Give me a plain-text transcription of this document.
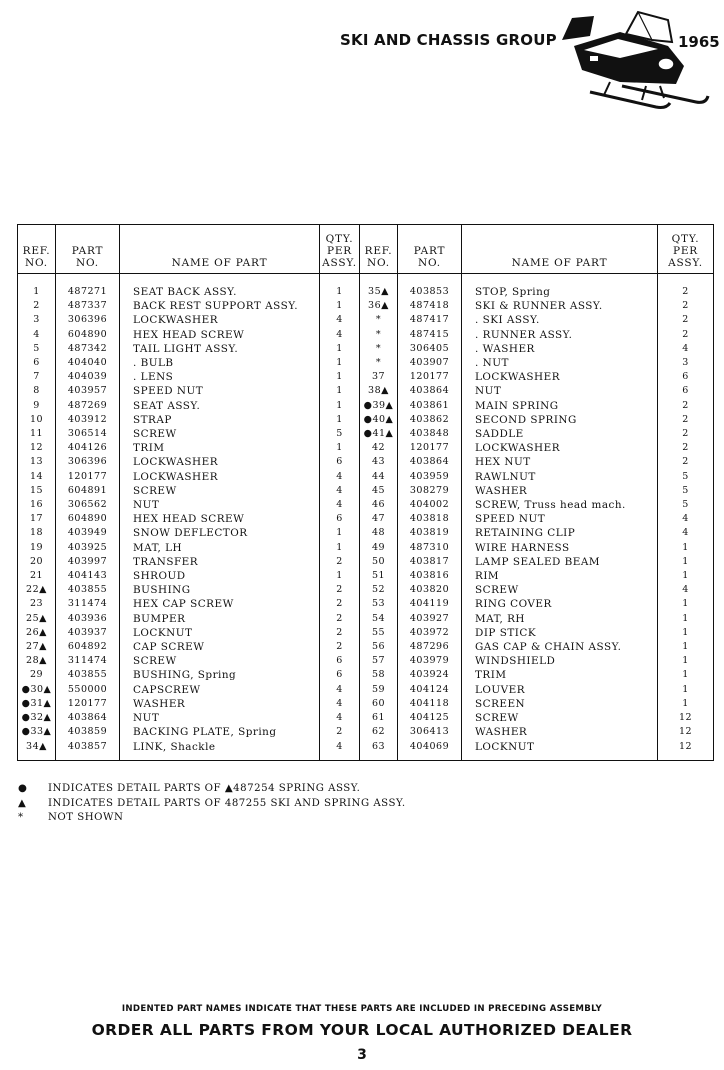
SKI AND CHASSIS GROUP	1965
REF.
NO.	PART
NO.	NAME OF PART	QTY.
PER
ASSY.	REF.
NO.	PART
NO.	NAME OF PART	QTY.
PER
ASSY.
1	487271	SEAT BACK ASSY.	1	35▲	403853	STOP, Spring	2
2	487337	BACK REST SUPPORT ASSY.	1	36▲	487418	SKI & RUNNER ASSY.	2
3	306396	LOCKWASHER	4	*	487417	. SKI ASSY.	2
4	604890	HEX HEAD SCREW	4	*	487415	. RUNNER ASSY.	2
5	487342	TAIL LIGHT ASSY.	1	*	306405	. WASHER	4
6	404040	. BULB	1	*	403907	. NUT	3
7	404039	. LENS	1	37	120177	LOCKWASHER	6
8	403957	SPEED NUT	1	38▲	403864	NUT	6
9	487269	SEAT ASSY.	1	●39▲	403861	MAIN SPRING	2
10	403912	STRAP	1	●40▲	403862	SECOND SPRING	2
11	306514	SCREW	5	●41▲	403848	SADDLE	2
12	404126	TRIM	1	42	120177	LOCKWASHER	2
13	306396	LOCKWASHER	6	43	403864	HEX NUT	2
14	120177	LOCKWASHER	4	44	403959	RAWLNUT	5
15	604891	SCREW	4	45	308279	WASHER	5
16	306562	NUT	4	46	404002	SCREW, Truss head mach.	5
17	604890	HEX HEAD SCREW	6	47	403818	SPEED NUT	4
18	403949	SNOW DEFLECTOR	1	48	403819	RETAINING CLIP	4
19	403925	MAT, LH	1	49	487310	WIRE HARNESS	1
20	403997	TRANSFER	2	50	403817	LAMP SEALED BEAM	1
21	404143	SHROUD	1	51	403816	RIM	1
22▲	403855	BUSHING	2	52	403820	SCREW	4
23	311474	HEX CAP SCREW	2	53	404119	RING COVER	1
25▲	403936	BUMPER	2	54	403927	MAT, RH	1
26▲	403937	LOCKNUT	2	55	403972	DIP STICK	1
27▲	604892	CAP SCREW	2	56	487296	GAS CAP & CHAIN ASSY.	1
28▲	311474	SCREW	6	57	403979	WINDSHIELD	1
29	403855	BUSHING, Spring	6	58	403924	TRIM	1
●30▲	550000	CAPSCREW	4	59	404124	LOUVER	1
●31▲	120177	WASHER	4	60	404118	SCREEN	1
●32▲	403864	NUT	4	61	404125	SCREW	12
●33▲	403859	BACKING PLATE, Spring	2	62	306413	WASHER	12
34▲	403857	LINK, Shackle	4	63	404069	LOCKNUT	12
●	INDICATES DETAIL PARTS OF ▲487254 SPRING ASSY.
▲	INDICATES DETAIL PARTS OF 487255 SKI AND SPRING ASSY.
*	NOT SHOWN
INDENTED PART NAMES INDICATE THAT THESE PARTS ARE INCLUDED IN PRECEDING ASSEMBLY
ORDER ALL PARTS FROM YOUR LOCAL AUTHORIZED DEALER
3
